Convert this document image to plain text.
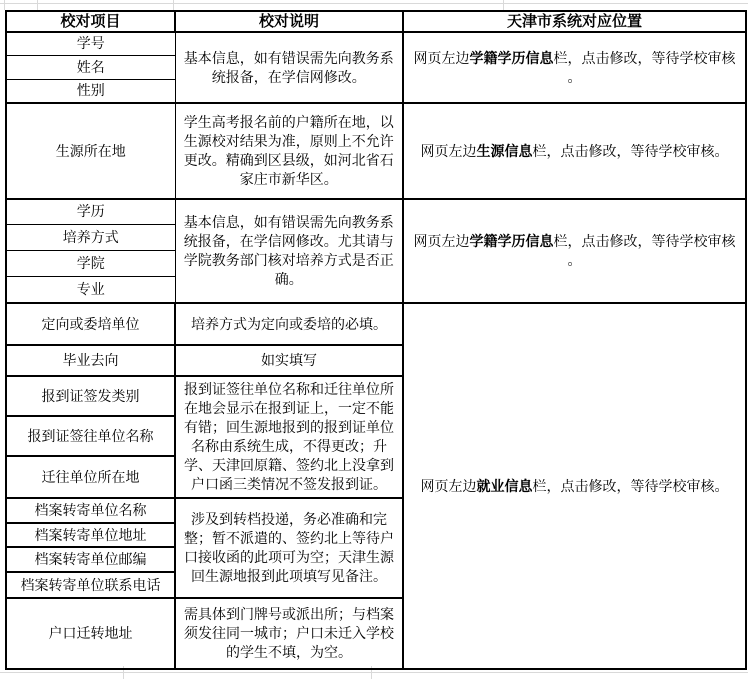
校对项目	校对说明	天津市系统对应位置
学号	基本信息，如有错误需先向教务系统报备，在学信网修改。	网页左边学籍学历信息栏，点击修改，等待学校审核
。

姓名		
性别		
生源所在地	学生高考报名前的户籍所在地，以生源校对结果为准，原则上不允许更改。精确到区县级，如河北省石家庄市新华区。	网页左边生源信息栏，点击修改，等待学校审核。
学历	基本信息，如有错误需先向教务系统报备，在学信网修改。尤其请与学院教务部门核对培养方式是否正确。	网页左边学籍学历信息栏，点击修改，等待学校审核
。

培养方式		
学院		
专业		
定向或委培单位	培养方式为定向或委培的必填。	网页左边就业信息栏，点击修改，等待学校审核。
毕业去向	如实填写	
报到证签发类别	报到证签往单位名称和迁往单位所在地会显示在报到证上，一定不能有错；回生源地报到的报到证单位名称由系统生成，不得更改；升学、天津回原籍、签约北上没拿到户口函三类情况不签发报到证。	
报到证签往单位名称		
迁往单位所在地		
档案转寄单位名称	涉及到转档投递，务必准确和完整；暂不派遣的、签约北上等待户口接收函的此项可为空；天津生源回生源地报到此项填写见备注。	
档案转寄单位地址		
档案转寄单位邮编		
档案转寄单位联系电话		
户口迁转地址	需具体到门牌号或派出所；与档案须发往同一城市；户口未迁入学校的学生不填，为空。	
